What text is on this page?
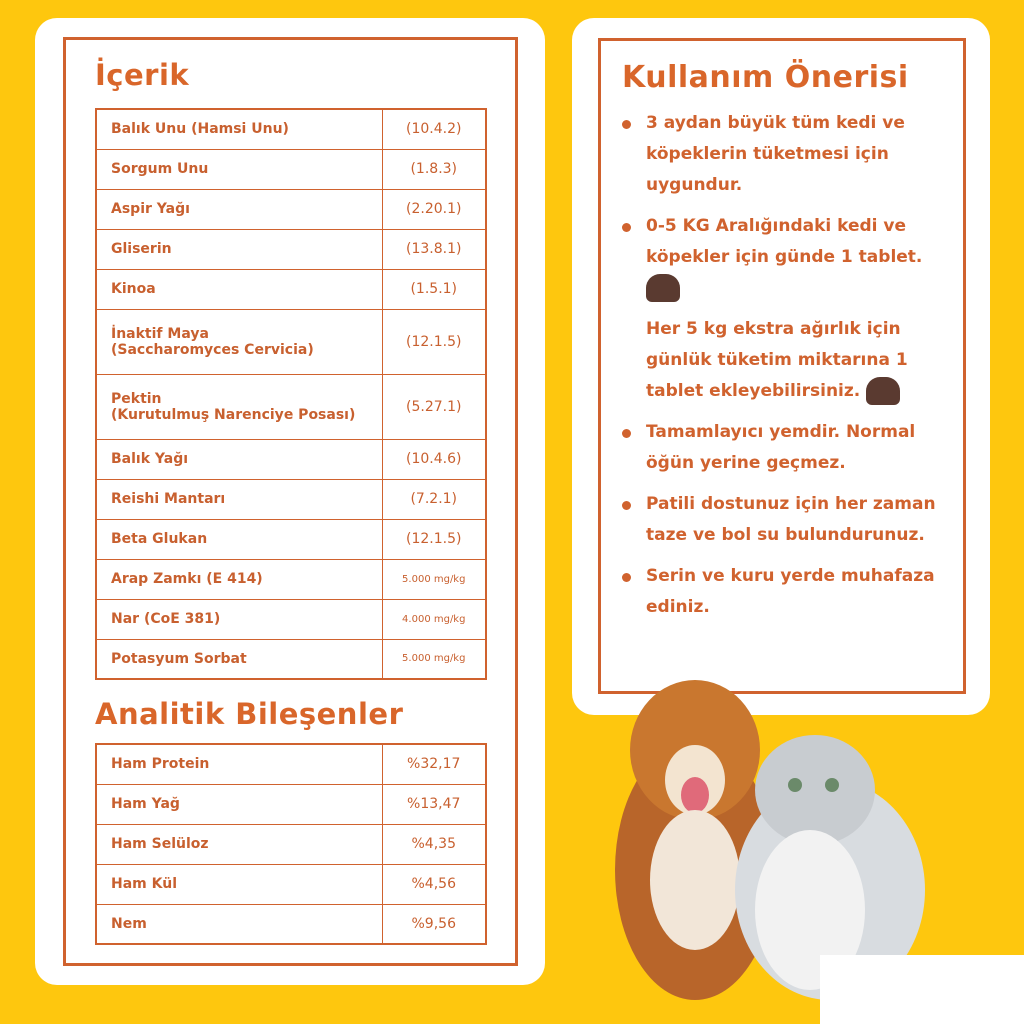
İçerik
Balık Unu (Hamsi Unu)	(10.4.2)
Sorgum Unu	(1.8.3)
Aspir Yağı	(2.20.1)
Gliserin	(13.8.1)
Kinoa	(1.5.1)
İnaktif Maya
(Saccharomyces Cervicia)	(12.1.5)
Pektin
(Kurutulmuş Narenciye Posası)	(5.27.1)
Balık Yağı	(10.4.6)
Reishi Mantarı	(7.2.1)
Beta Glukan	(12.1.5)
Arap Zamkı (E 414)	5.000 mg/kg
Nar (CoE 381)	4.000 mg/kg
Potasyum Sorbat	5.000 mg/kg
Analitik Bileşenler
Ham Protein	%32,17
Ham Yağ	%13,47
Ham Selüloz	%4,35
Ham Kül	%4,56
Nem	%9,56
Kullanım Önerisi
3 aydan büyük tüm kedi ve köpeklerin tüketmesi için uygundur.
0-5 KG Aralığındaki kedi ve köpekler için günde 1 tablet.

Her 5 kg ekstra ağırlık için günlük tüketim miktarına 1 tablet ekleyebilirsiniz.
Tamamlayıcı yemdir. Normal öğün yerine geçmez.
Patili dostunuz için her zaman taze ve bol su bulundurunuz.
Serin ve kuru yerde muhafaza ediniz.
